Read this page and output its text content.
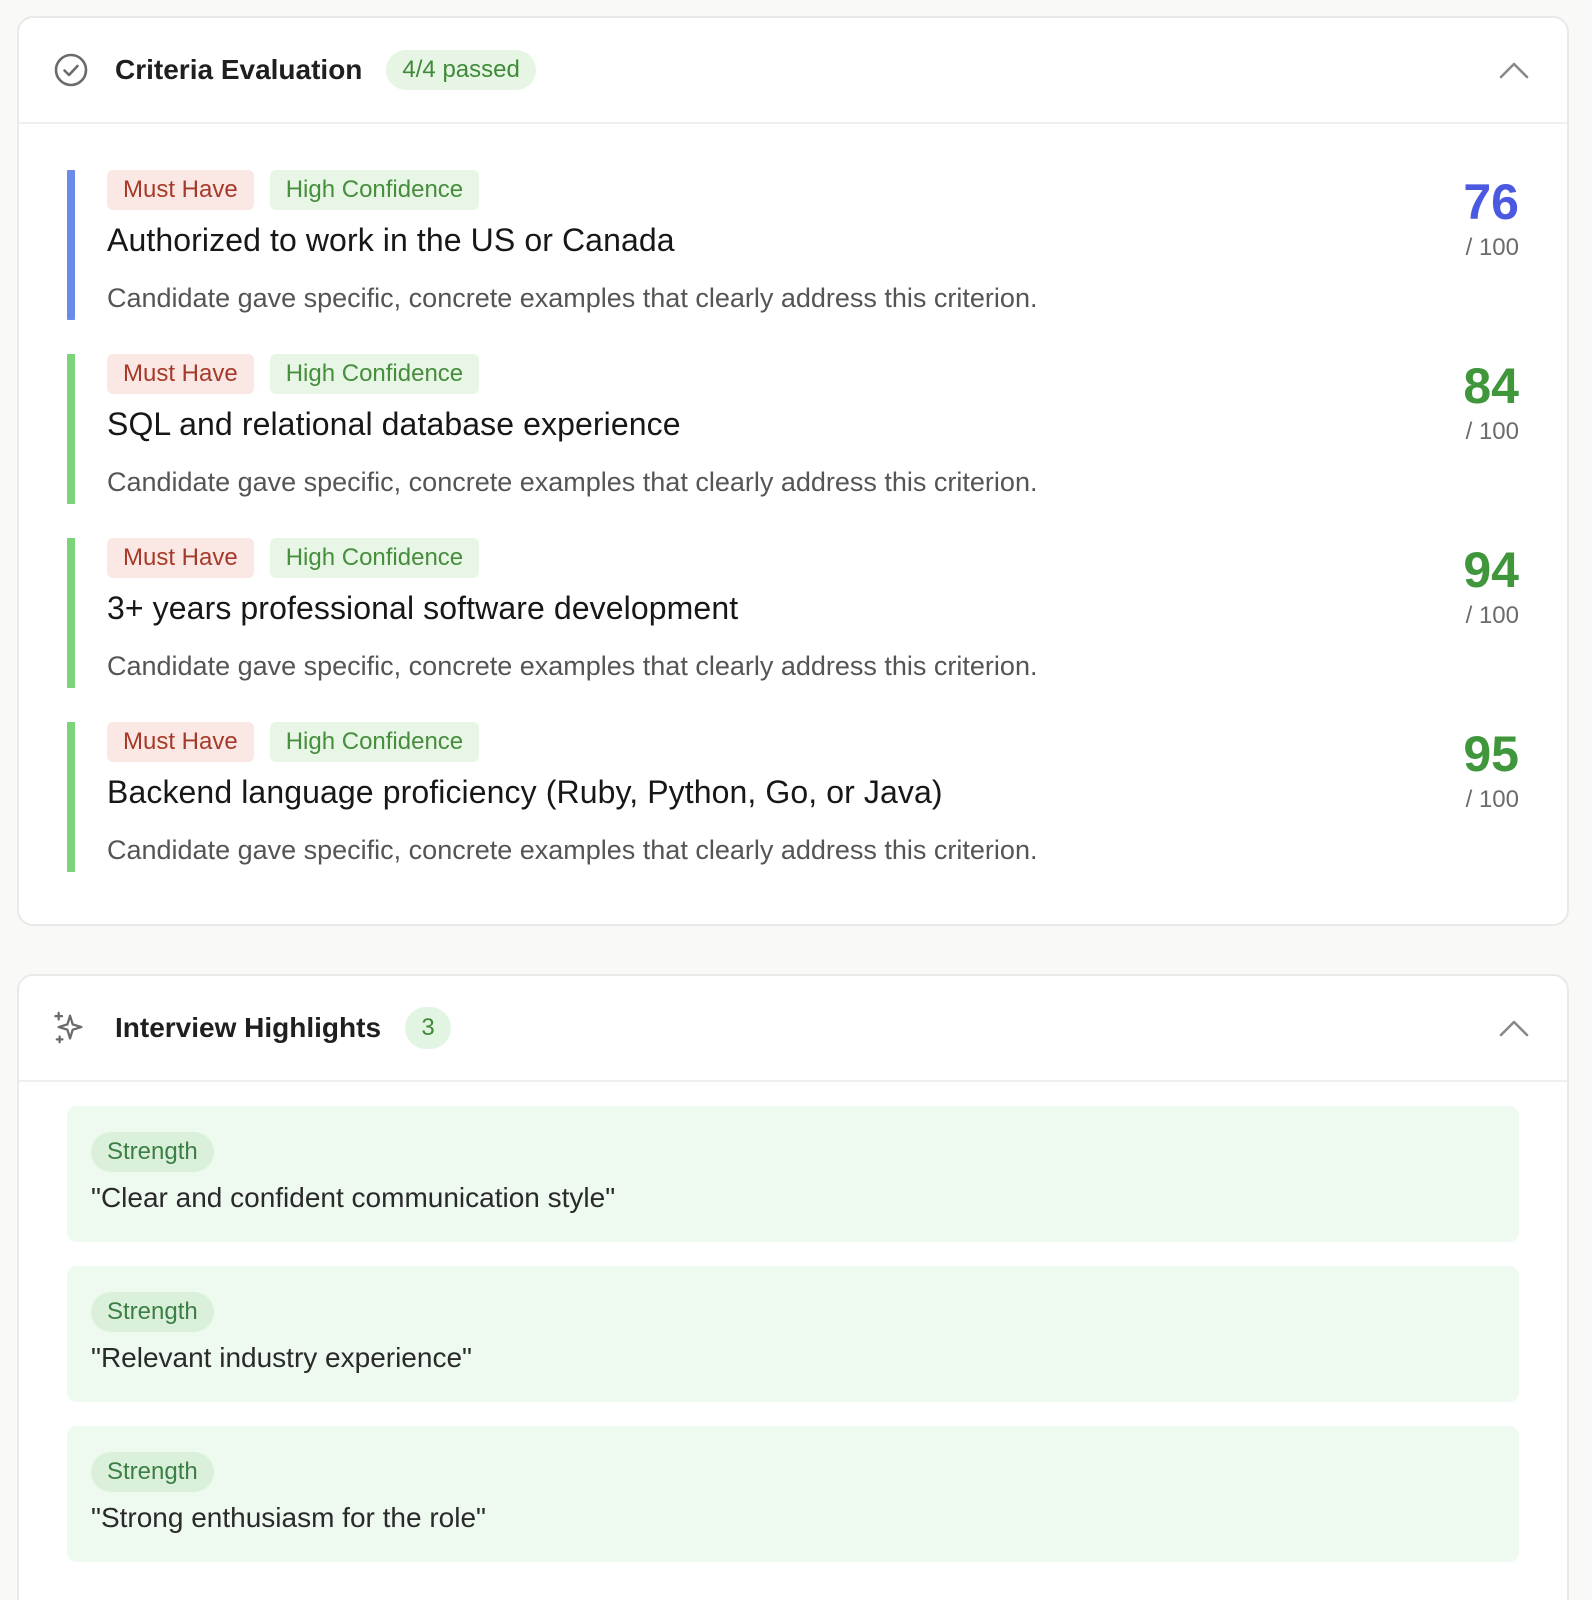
Criteria Evaluation	4/4 passed
Must Have	High Confidence
Authorized to work in the US or Canada
Candidate gave specific, concrete examples that clearly address this criterion.
76
/ 100
Must Have	High Confidence
SQL and relational database experience
Candidate gave specific, concrete examples that clearly address this criterion.
84
/ 100
Must Have	High Confidence
3+ years professional software development
Candidate gave specific, concrete examples that clearly address this criterion.
94
/ 100
Must Have	High Confidence
Backend language proficiency (Ruby, Python, Go, or Java)
Candidate gave specific, concrete examples that clearly address this criterion.
95
/ 100
Interview Highlights	3
Strength
"Clear and confident communication style"
Strength
"Relevant industry experience"
Strength
"Strong enthusiasm for the role"
